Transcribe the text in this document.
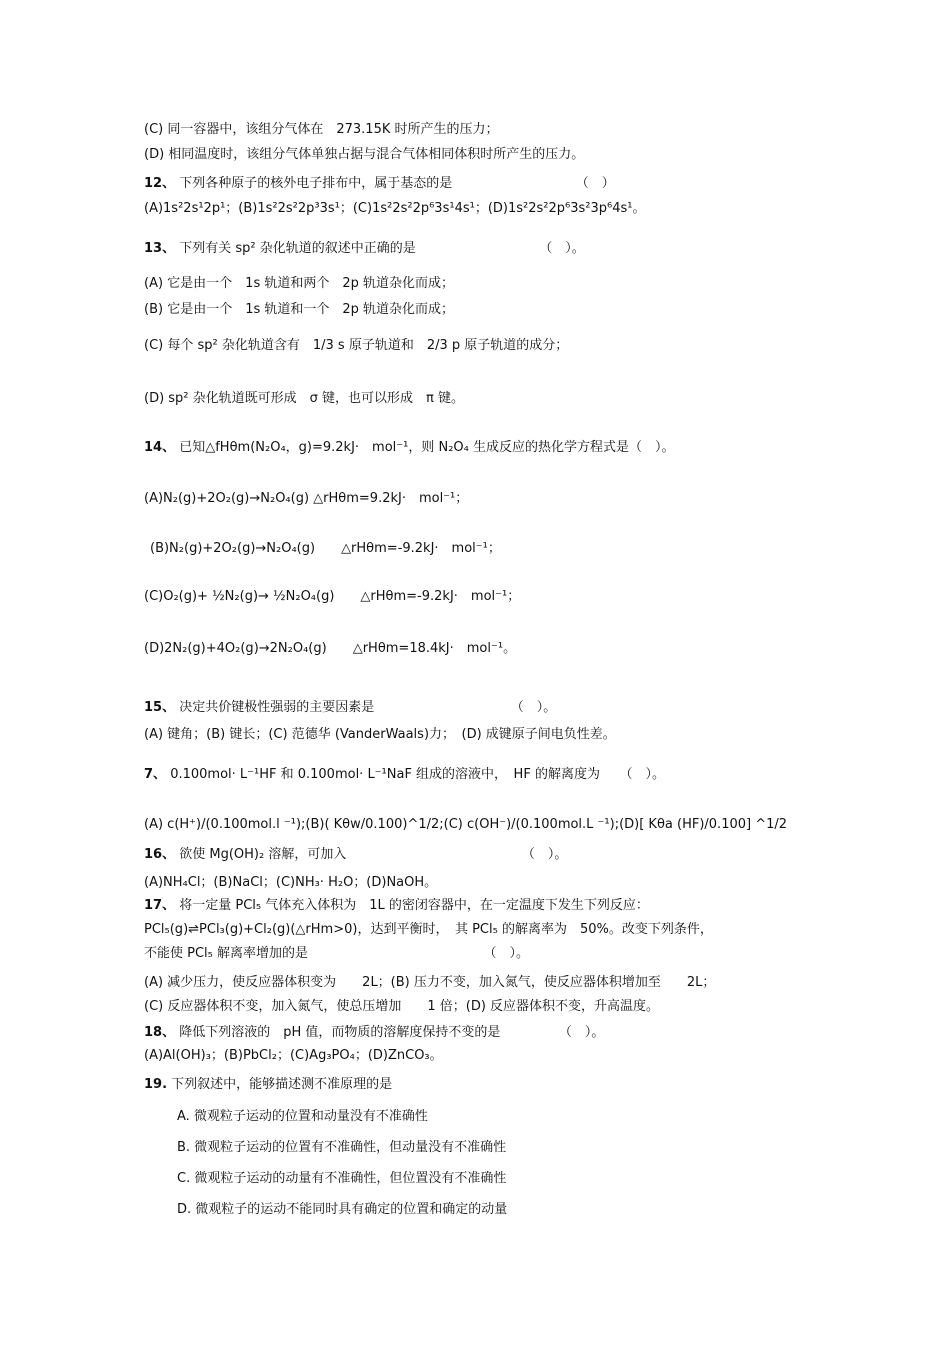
(C) 同一容器中，该组分气体在　273.15K 时所产生的压力；
(D) 相同温度时，该组分气体单独占据与混合气体相同体积时所产生的压力。
12、 下列各种原子的核外电子排布中，属于基态的是　　　　　　　　　　（　）
(A)1s²2s¹2p¹；(B)1s²2s²2p³3s¹；(C)1s²2s²2p⁶3s¹4s¹；(D)1s²2s²2p⁶3s²3p⁶4s¹。
13、 下列有关 sp² 杂化轨道的叙述中正确的是　　　　　　　　　　（　）。
(A) 它是由一个　1s 轨道和两个　2p 轨道杂化而成；
(B) 它是由一个　1s 轨道和一个　2p 轨道杂化而成；
(C) 每个 sp² 杂化轨道含有　1/3 s 原子轨道和　2/3 p 原子轨道的成分；
(D) sp² 杂化轨道既可形成　σ 键，也可以形成　π 键。
14、 已知△fHθm(N₂O₄，g)=9.2kJ·　mol⁻¹，则 N₂O₄ 生成反应的热化学方程式是（　）。
(A)N₂(g)+2O₂(g)→N₂O₄(g) △rHθm=9.2kJ·　mol⁻¹；
(B)N₂(g)+2O₂(g)→N₂O₄(g)　　△rHθm=-9.2kJ·　mol⁻¹；
(C)O₂(g)+ ½N₂(g)→ ½N₂O₄(g)　　△rHθm=-9.2kJ·　mol⁻¹；
(D)2N₂(g)+4O₂(g)→2N₂O₄(g)　　△rHθm=18.4kJ·　mol⁻¹。
15、 决定共价键极性强弱的主要因素是　　　　　　　　　　　（　）。
(A) 键角；(B) 键长；(C) 范德华 (VanderWaals)力；　(D) 成键原子间电负性差。
7、 0.100mol· L⁻¹HF 和 0.100mol· L⁻¹NaF 组成的溶液中，　HF 的解离度为　　（　）。
(A) c(H⁺)/(0.100mol.l ⁻¹);(B)( Kθw/0.100)^1/2;(C) c(OH⁻)/(0.100mol.L ⁻¹);(D)[ Kθa (HF)/0.100] ^1/2
16、 欲使 Mg(OH)₂ 溶解，可加入　　　　　　　　　　　　　　（　）。
(A)NH₄Cl；(B)NaCl；(C)NH₃· H₂O；(D)NaOH。
17、 将一定量 PCl₅ 气体充入体积为　1L 的密闭容器中，在一定温度下发生下列反应：
PCl₅(g)⇌PCl₃(g)+Cl₂(g)(△rHm>0)，达到平衡时，　其 PCl₅ 的解离率为　50%。改变下列条件，
不能使 PCl₅ 解离率增加的是　　　　　　　　　　　　　　（　）。
(A) 减少压力，使反应器体积变为　　2L；(B) 压力不变，加入氮气，使反应器体积增加至　　2L；
(C) 反应器体积不变，加入氮气，使总压增加　　1 倍；(D) 反应器体积不变，升高温度。
18、 降低下列溶液的　pH 值，而物质的溶解度保持不变的是　　　　　（　）。
(A)Al(OH)₃；(B)PbCl₂；(C)Ag₃PO₄；(D)ZnCO₃。
19. 下列叙述中，能够描述测不准原理的是
A. 微观粒子运动的位置和动量没有不准确性
B. 微观粒子运动的位置有不准确性，但动量没有不准确性
C. 微观粒子运动的动量有不准确性，但位置没有不准确性
D. 微观粒子的运动不能同时具有确定的位置和确定的动量
